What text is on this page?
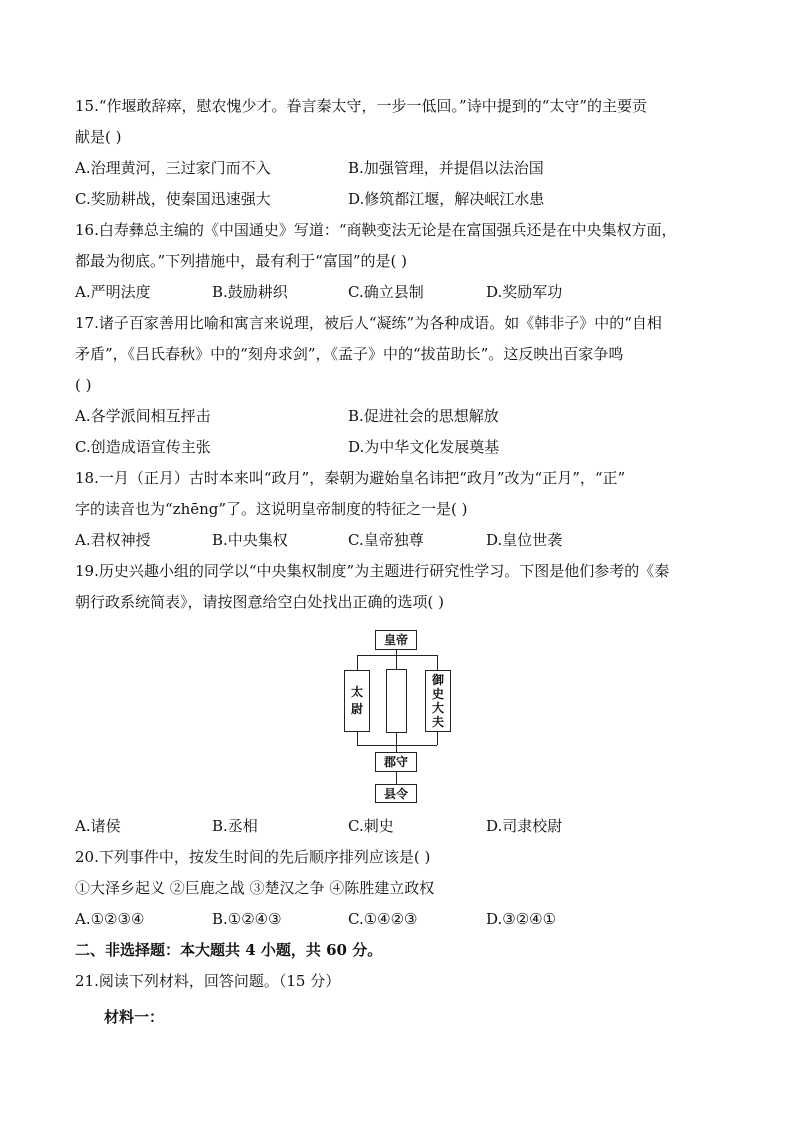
15.“作堰敢辞瘁，慰农愧少才。眷言秦太守，一步一低回。”诗中提到的“太守”的主要贡
献是( )
A.治理黄河，三过家门而不入	B.加强管理，并提倡以法治国
C.奖励耕战，使秦国迅速强大	D.修筑都江堰，解决岷江水患
16.白寿彝总主编的《中国通史》写道：“商鞅变法无论是在富国强兵还是在中央集权方面，
都最为彻底。”下列措施中，最有利于“富国”的是( )
A.严明法度	B.鼓励耕织	C.确立县制	D.奖励军功
17.诸子百家善用比喻和寓言来说理，被后人“凝练”为各种成语。如《韩非子》中的“自相
矛盾”，《吕氏春秋》中的“刻舟求剑”，《孟子》中的“拔苗助长”。这反映出百家争鸣
( )
A.各学派间相互抨击	B.促进社会的思想解放
C.创造成语宣传主张	D.为中华文化发展奠基
18.一月（正月）古时本来叫“政月”，秦朝为避始皇名讳把“政月”改为“正月”，“正”
字的读音也为“zhēng”了。这说明皇帝制度的特征之一是( )
A.君权神授	B.中央集权	C.皇帝独尊	D.皇位世袭
19.历史兴趣小组的同学以“中央集权制度”为主题进行研究性学习。下图是他们参考的《秦
朝行政系统简表》，请按图意给空白处找出正确的选项( )
皇帝
太尉
御史大夫
郡守
县令
A.诸侯	B.丞相	C.刺史	D.司隶校尉
20.下列事件中，按发生时间的先后顺序排列应该是( )
①大泽乡起义 ②巨鹿之战 ③楚汉之争 ④陈胜建立政权
A.①②③④	B.①②④③	C.①④②③	D.③②④①
二、非选择题：本大题共 4 小题，共 60 分。
21.阅读下列材料，回答问题。（15 分）
材料一：
